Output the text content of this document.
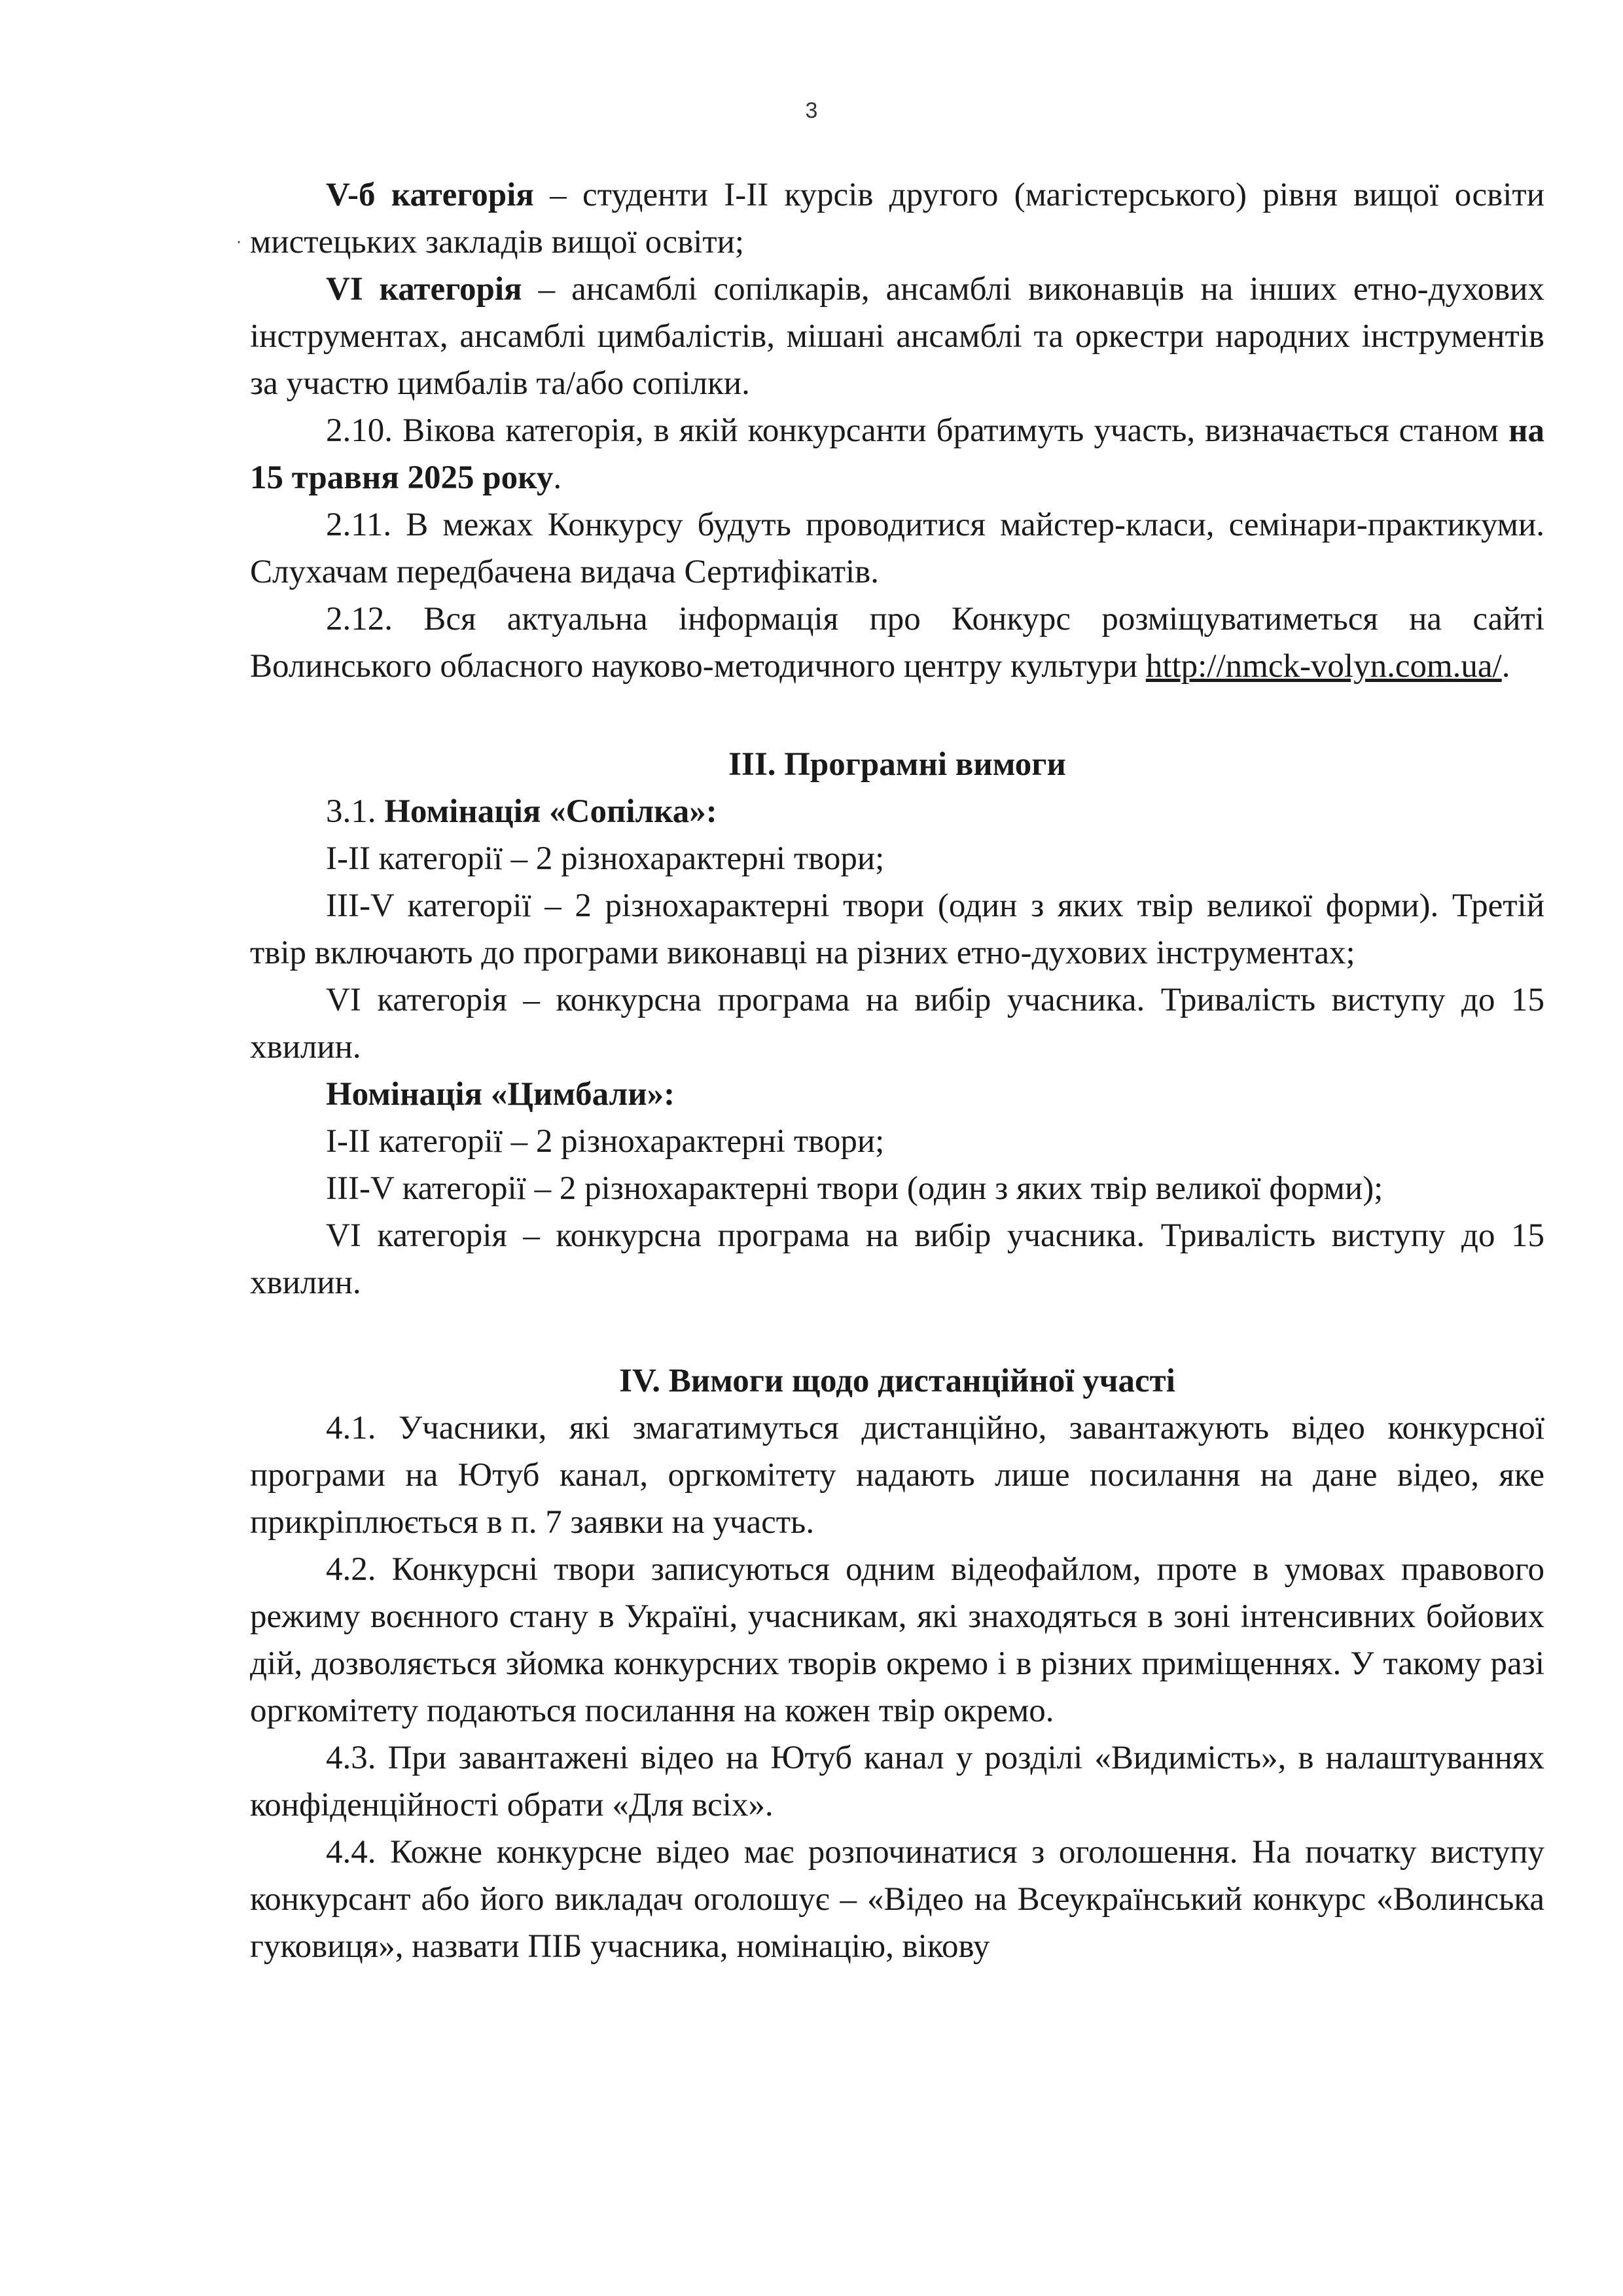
3
·

V-б категорія – студенти І-ІІ курсів другого (магістерського) рівня вищої освіти мистецьких закладів вищої освіти;

VI категорія – ансамблі сопілкарів, ансамблі виконавців на інших етно-духових інструментах, ансамблі цимбалістів, мішані ансамблі та оркестри народних інструментів за участю цимбалів та/або сопілки.

2.10. Вікова категорія, в якій конкурсанти братимуть участь, визначається станом на 15 травня 2025 року.

2.11. В межах Конкурсу будуть проводитися майстер-класи, семінари-практикуми. Слухачам передбачена видача Сертифікатів.

2.12. Вся актуальна інформація про Конкурс розміщуватиметься на сайті Волинського обласного науково-методичного центру культури http://nmck-volyn.com.ua/.

ІІІ. Програмні вимоги

3.1. Номінація «Сопілка»:

І-ІІ категорії – 2 різнохарактерні твори;

ІІІ-V категорії – 2 різнохарактерні твори (один з яких твір великої форми). Третій твір включають до програми виконавці на різних етно-духових інструментах;

VІ категорія – конкурсна програма на вибір учасника. Тривалість виступу до 15 хвилин.

Номінація «Цимбали»:

І-ІІ категорії – 2 різнохарактерні твори;

ІІІ-V категорії – 2 різнохарактерні твори (один з яких твір великої форми);

VІ категорія – конкурсна програма на вибір учасника. Тривалість виступу до 15 хвилин.

ІV. Вимоги щодо дистанційної участі

4.1. Учасники, які змагатимуться дистанційно, завантажують відео конкурсної програми на Ютуб канал, оргкомітету надають лише посилання на дане відео, яке прикріплюється в п. 7 заявки на участь.

4.2. Конкурсні твори записуються одним відеофайлом, проте в умовах правового режиму воєнного стану в Україні, учасникам, які знаходяться в зоні інтенсивних бойових дій, дозволяється зйомка конкурсних творів окремо і в різних приміщеннях. У такому разі оргкомітету подаються посилання на кожен твір окремо.

4.3. При завантажені відео на Ютуб канал у розділі «Видимість», в налаштуваннях конфіденційності обрати «Для всіх».

4.4. Кожне конкурсне відео має розпочинатися з оголошення. На початку виступу конкурсант або його викладач оголошує – «Відео на Всеукраїнський конкурс «Волинська гуковиця», назвати ПІБ учасника, номінацію, вікову
